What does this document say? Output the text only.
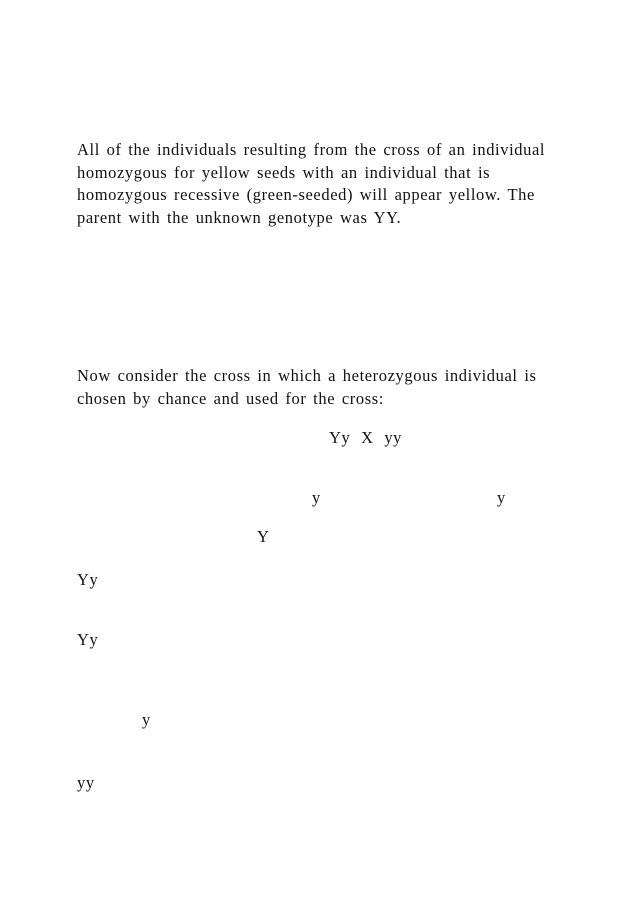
All of the individuals resulting from the cross of an individual
homozygous for yellow seeds with an individual that is
homozygous recessive (green-seeded) will appear yellow. The
parent with the unknown genotype was YY.

Now consider the cross in which a heterozygous individual is
chosen by chance and used for the cross:

Yy X yy
y	y
Y
Yy
Yy
y
yy
